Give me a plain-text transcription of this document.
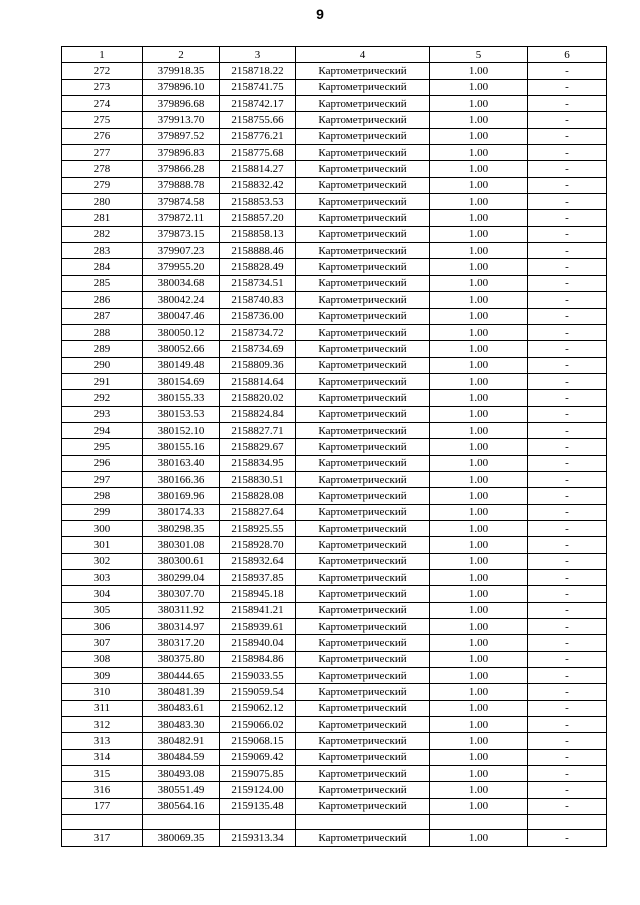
9
1	2	3	4	5	6
272	379918.35	2158718.22	Картометрический	1.00	-
273	379896.10	2158741.75	Картометрический	1.00	-
274	379896.68	2158742.17	Картометрический	1.00	-
275	379913.70	2158755.66	Картометрический	1.00	-
276	379897.52	2158776.21	Картометрический	1.00	-
277	379896.83	2158775.68	Картометрический	1.00	-
278	379866.28	2158814.27	Картометрический	1.00	-
279	379888.78	2158832.42	Картометрический	1.00	-
280	379874.58	2158853.53	Картометрический	1.00	-
281	379872.11	2158857.20	Картометрический	1.00	-
282	379873.15	2158858.13	Картометрический	1.00	-
283	379907.23	2158888.46	Картометрический	1.00	-
284	379955.20	2158828.49	Картометрический	1.00	-
285	380034.68	2158734.51	Картометрический	1.00	-
286	380042.24	2158740.83	Картометрический	1.00	-
287	380047.46	2158736.00	Картометрический	1.00	-
288	380050.12	2158734.72	Картометрический	1.00	-
289	380052.66	2158734.69	Картометрический	1.00	-
290	380149.48	2158809.36	Картометрический	1.00	-
291	380154.69	2158814.64	Картометрический	1.00	-
292	380155.33	2158820.02	Картометрический	1.00	-
293	380153.53	2158824.84	Картометрический	1.00	-
294	380152.10	2158827.71	Картометрический	1.00	-
295	380155.16	2158829.67	Картометрический	1.00	-
296	380163.40	2158834.95	Картометрический	1.00	-
297	380166.36	2158830.51	Картометрический	1.00	-
298	380169.96	2158828.08	Картометрический	1.00	-
299	380174.33	2158827.64	Картометрический	1.00	-
300	380298.35	2158925.55	Картометрический	1.00	-
301	380301.08	2158928.70	Картометрический	1.00	-
302	380300.61	2158932.64	Картометрический	1.00	-
303	380299.04	2158937.85	Картометрический	1.00	-
304	380307.70	2158945.18	Картометрический	1.00	-
305	380311.92	2158941.21	Картометрический	1.00	-
306	380314.97	2158939.61	Картометрический	1.00	-
307	380317.20	2158940.04	Картометрический	1.00	-
308	380375.80	2158984.86	Картометрический	1.00	-
309	380444.65	2159033.55	Картометрический	1.00	-
310	380481.39	2159059.54	Картометрический	1.00	-
311	380483.61	2159062.12	Картометрический	1.00	-
312	380483.30	2159066.02	Картометрический	1.00	-
313	380482.91	2159068.15	Картометрический	1.00	-
314	380484.59	2159069.42	Картометрический	1.00	-
315	380493.08	2159075.85	Картометрический	1.00	-
316	380551.49	2159124.00	Картометрический	1.00	-
177	380564.16	2159135.48	Картометрический	1.00	-

317	380069.35	2159313.34	Картометрический	1.00	-
